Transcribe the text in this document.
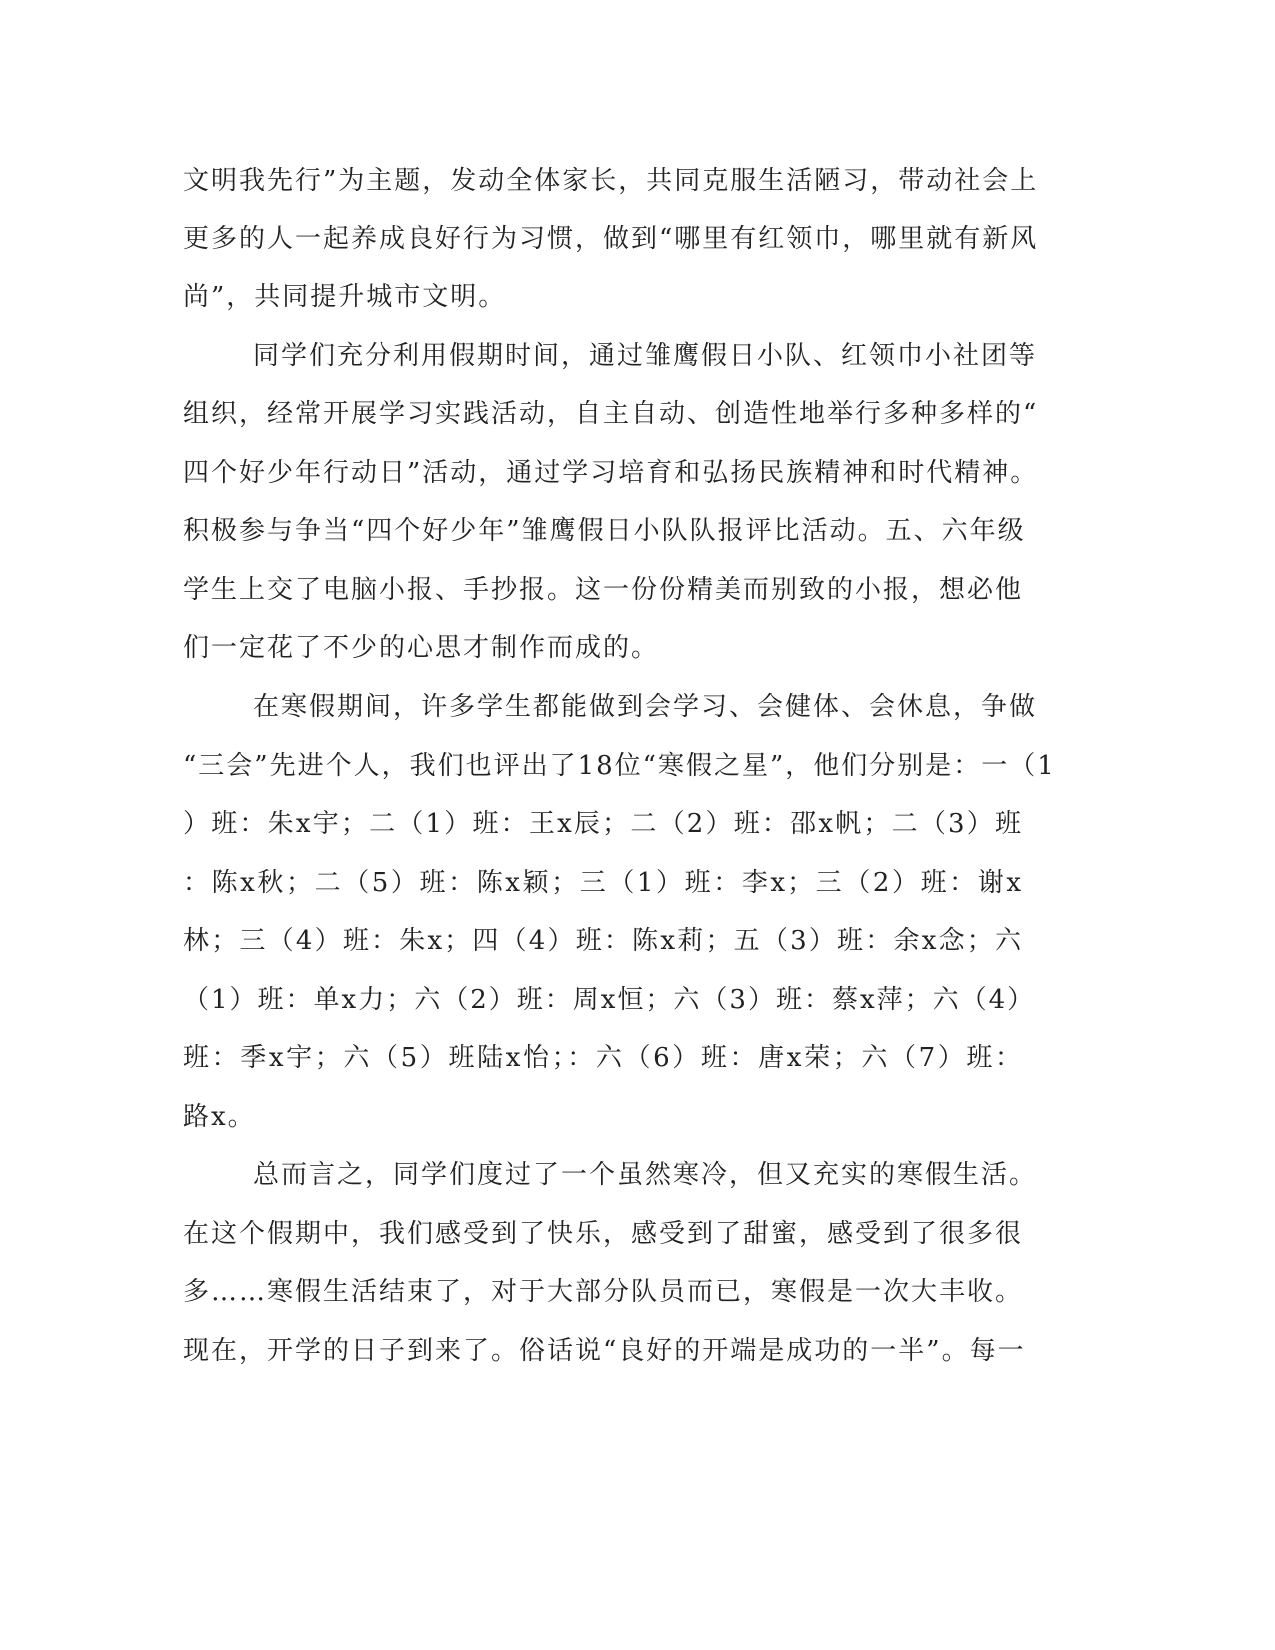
文明我先行”为主题，发动全体家长，共同克服生活陋习，带动社会上
更多的人一起养成良好行为习惯，做到“哪里有红领巾，哪里就有新风
尚”，共同提升城市文明。
同学们充分利用假期时间，通过雏鹰假日小队、红领巾小社团等
组织，经常开展学习实践活动，自主自动、创造性地举行多种多样的“
四个好少年行动日”活动，通过学习培育和弘扬民族精神和时代精神。
积极参与争当“四个好少年”雏鹰假日小队队报评比活动。五、六年级
学生上交了电脑小报、手抄报。这一份份精美而别致的小报，想必他
们一定花了不少的心思才制作而成的。
在寒假期间，许多学生都能做到会学习、会健体、会休息，争做
“三会”先进个人，我们也评出了18位“寒假之星”，他们分别是：一（1
）班：朱x宇；二（1）班：王x辰；二（2）班：邵x帆；二（3）班
：陈x秋；二（5）班：陈x颖；三（1）班：李x；三（2）班：谢x
林；三（4）班：朱x；四（4）班：陈x莉；五（3）班：余x念；六
（1）班：单x力；六（2）班：周x恒；六（3）班：蔡x萍；六（4）
班：季x宇；六（5）班陆x怡；：六（6）班：唐x荣；六（7）班：
路x。
总而言之，同学们度过了一个虽然寒冷，但又充实的寒假生活。
在这个假期中，我们感受到了快乐，感受到了甜蜜，感受到了很多很
多……寒假生活结束了，对于大部分队员而已，寒假是一次大丰收。
现在，开学的日子到来了。俗话说“良好的开端是成功的一半”。每一
